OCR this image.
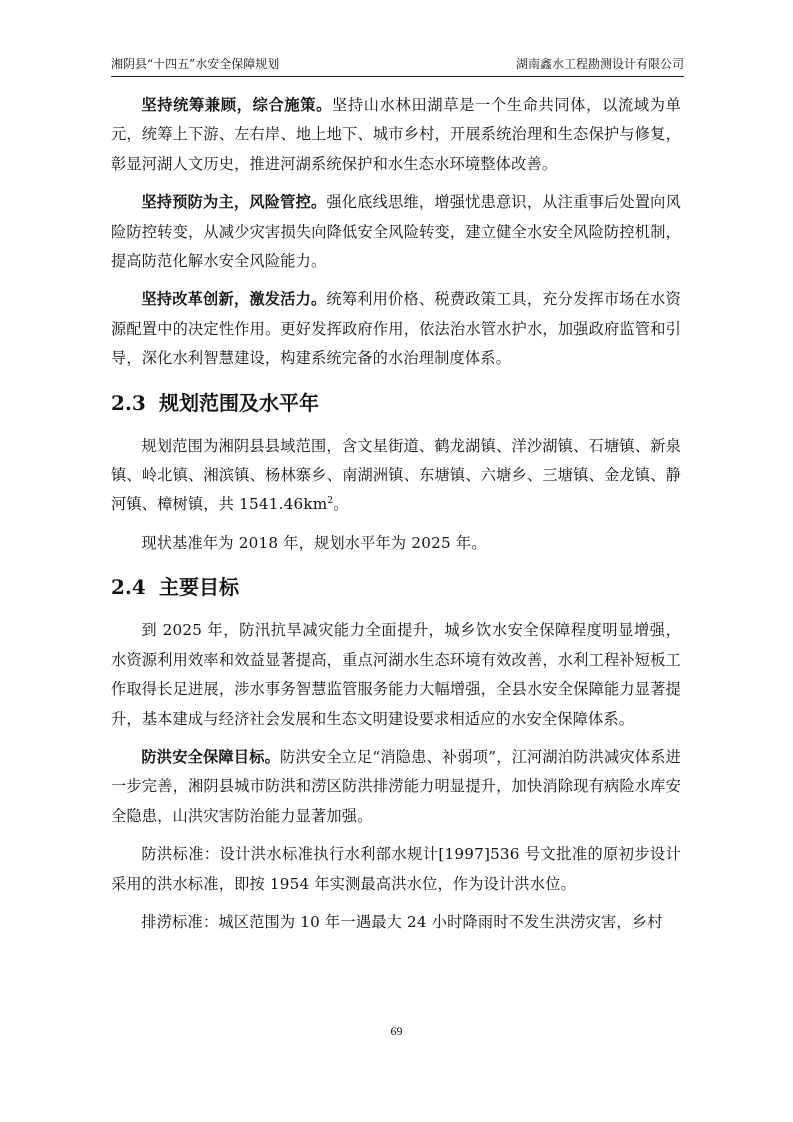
湘阴县“十四五”水安全保障规划	湖南鑫水工程勘测设计有限公司

坚持统筹兼顾，综合施策。坚持山水林田湖草是一个生命共同体，以流域为单元，统筹上下游、左右岸、地上地下、城市乡村，开展系统治理和生态保护与修复，彰显河湖人文历史，推进河湖系统保护和水生态水环境整体改善。

坚持预防为主，风险管控。强化底线思维，增强忧患意识，从注重事后处置向风险防控转变，从减少灾害损失向降低安全风险转变，建立健全水安全风险防控机制，提高防范化解水安全风险能力。

坚持改革创新，激发活力。统筹利用价格、税费政策工具，充分发挥市场在水资源配置中的决定性作用。更好发挥政府作用，依法治水管水护水，加强政府监管和引导，深化水利智慧建设，构建系统完备的水治理制度体系。

2.3 规划范围及水平年

规划范围为湘阴县县域范围，含文星街道、鹤龙湖镇、洋沙湖镇、石塘镇、新泉镇、岭北镇、湘滨镇、杨林寨乡、南湖洲镇、东塘镇、六塘乡、三塘镇、金龙镇、静河镇、樟树镇，共 $1541.46km^2$。

现状基准年为 2018 年，规划水平年为 2025 年。

2.4 主要目标

到 2025 年，防汛抗旱减灾能力全面提升，城乡饮水安全保障程度明显增强，水资源利用效率和效益显著提高，重点河湖水生态环境有效改善，水利工程补短板工作取得长足进展，涉水事务智慧监管服务能力大幅增强，全县水安全保障能力显著提升，基本建成与经济社会发展和生态文明建设要求相适应的水安全保障体系。

防洪安全保障目标。防洪安全立足“消隐患、补弱项”，江河湖泊防洪减灾体系进一步完善，湘阴县城市防洪和涝区防洪排涝能力明显提升，加快消除现有病险水库安全隐患，山洪灾害防治能力显著加强。

防洪标准：设计洪水标准执行水利部水规计[1997]536 号文批准的原初步设计采用的洪水标准，即按 1954 年实测最高洪水位，作为设计洪水位。

排涝标准：城区范围为 10 年一遇最大 24 小时降雨时不发生洪涝灾害，乡村

69
